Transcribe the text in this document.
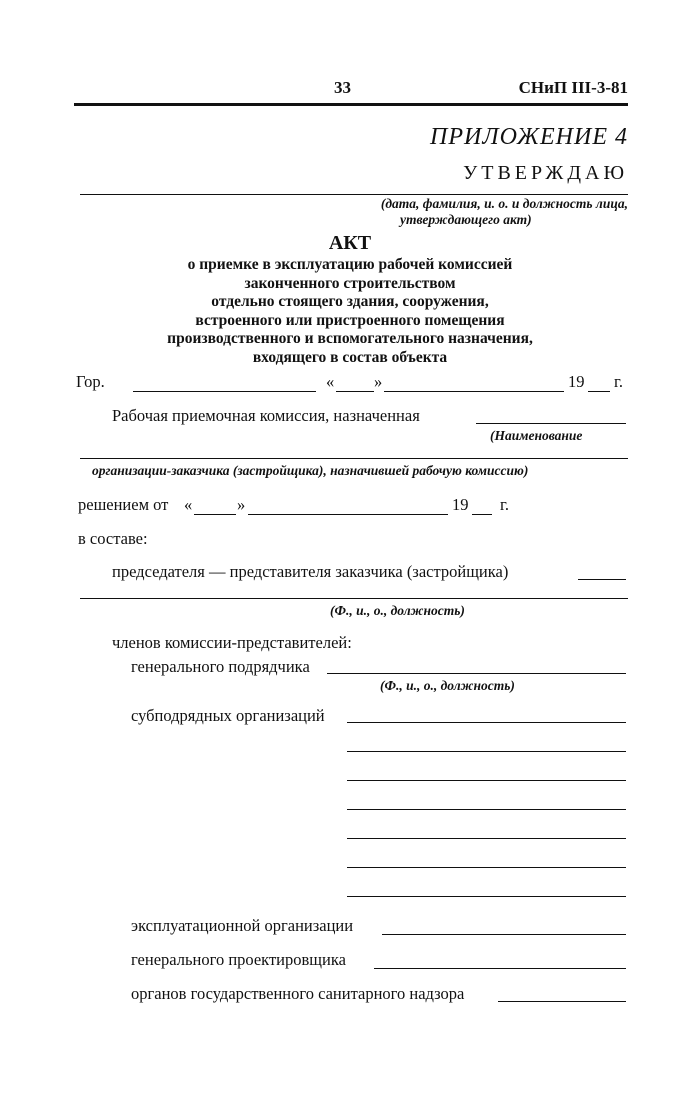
33	СНиП III-3-81
ПРИЛОЖЕНИЕ 4
УТВЕРЖДАЮ
(дата, фамилия, и. о. и должность лица,
утверждающего акт)
АКТ
о приемке в эксплуатацию рабочей комиссией
законченного строительством
отдельно стоящего здания, сооружения,
встроенного или пристроенного помещения
производственного и вспомогательного назначения,
входящего в состав объекта
Гор.	« »	19 г.
Рабочая приемочная комиссия, назначенная
(Наименование
организации-заказчика (застройщика), назначившей рабочую комиссию)
решением от «	»	19 г.
в составе:
председателя — представителя заказчика (застройщика)
(Ф., и., о., должность)
членов комиссии-представителей:
генерального подрядчика
(Ф., и., о., должность)
субподрядных организаций
эксплуатационной организации
генерального проектировщика
органов государственного санитарного надзора
